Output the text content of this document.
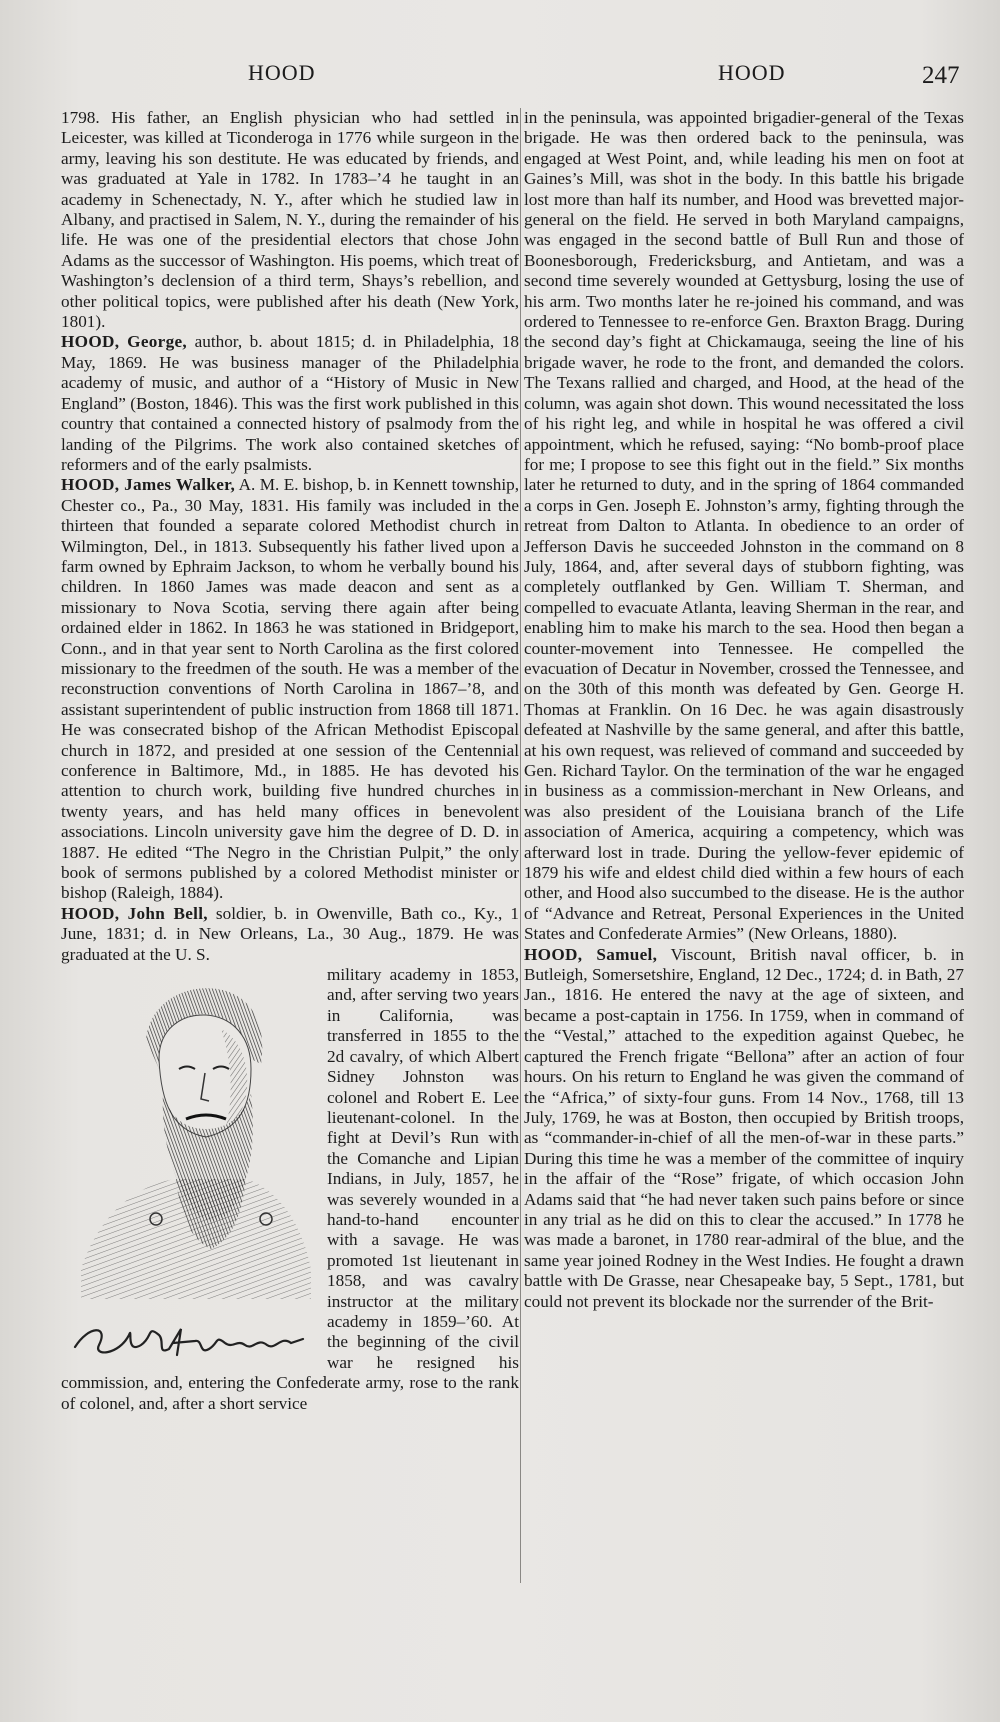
HOOD	HOOD	247

1798. His father, an English physician who had settled in Leicester, was killed at Ticonderoga in 1776 while surgeon in the army, leaving his son destitute. He was educated by friends, and was graduated at Yale in 1782. In 1783–’4 he taught in an academy in Schenectady, N. Y., after which he studied law in Albany, and practised in Salem, N. Y., during the remainder of his life. He was one of the presidential electors that chose John Adams as the successor of Washington. His poems, which treat of Washington’s declension of a third term, Shays’s rebellion, and other political topics, were published after his death (New York, 1801).

HOOD, George, author, b. about 1815; d. in Philadelphia, 18 May, 1869. He was business manager of the Philadelphia academy of music, and author of a “History of Music in New England” (Boston, 1846). This was the first work published in this country that contained a connected history of psalmody from the landing of the Pilgrims. The work also contained sketches of reformers and of the early psalmists.

HOOD, James Walker, A. M. E. bishop, b. in Kennett township, Chester co., Pa., 30 May, 1831. His family was included in the thirteen that founded a separate colored Methodist church in Wilmington, Del., in 1813. Subsequently his father lived upon a farm owned by Ephraim Jackson, to whom he verbally bound his children. In 1860 James was made deacon and sent as a missionary to Nova Scotia, serving there again after being ordained elder in 1862. In 1863 he was stationed in Bridgeport, Conn., and in that year sent to North Carolina as the first colored missionary to the freedmen of the south. He was a member of the reconstruction conventions of North Carolina in 1867–’8, and assistant superintendent of public instruction from 1868 till 1871. He was consecrated bishop of the African Methodist Episcopal church in 1872, and presided at one session of the Centennial conference in Baltimore, Md., in 1885. He has devoted his attention to church work, building five hundred churches in twenty years, and has held many offices in benevolent associations. Lincoln university gave him the degree of D. D. in 1887. He edited “The Negro in the Christian Pulpit,” the only book of sermons published by a colored Methodist minister or bishop (Raleigh, 1884).

HOOD, John Bell, soldier, b. in Owenville, Bath co., Ky., 1 June, 1831; d. in New Orleans, La., 30 Aug., 1879. He was graduated at the U. S.

military academy in 1853, and, after serving two years in California, was transferred in 1855 to the 2d cavalry, of which Albert Sidney Johnston was colonel and Robert E. Lee lieutenant-colonel. In the fight at Devil’s Run with the Comanche and Lipian Indians, in July, 1857, he was severely wounded in a hand-to-hand encounter with a savage. He was promoted 1st lieutenant in 1858, and was cavalry instructor at the military academy in 1859–’60. At the beginning of the civil war he resigned his commission, and, entering the Confederate army, rose to the rank of colonel, and, after a short service

in the peninsula, was appointed brigadier-general of the Texas brigade. He was then ordered back to the peninsula, was engaged at West Point, and, while leading his men on foot at Gaines’s Mill, was shot in the body. In this battle his brigade lost more than half its number, and Hood was brevetted major-general on the field. He served in both Maryland campaigns, was engaged in the second battle of Bull Run and those of Boonesborough, Fredericksburg, and Antietam, and was a second time severely wounded at Gettysburg, losing the use of his arm. Two months later he re-joined his command, and was ordered to Tennessee to re-enforce Gen. Braxton Bragg. During the second day’s fight at Chickamauga, seeing the line of his brigade waver, he rode to the front, and demanded the colors. The Texans rallied and charged, and Hood, at the head of the column, was again shot down. This wound necessitated the loss of his right leg, and while in hospital he was offered a civil appointment, which he refused, saying: “No bomb-proof place for me; I propose to see this fight out in the field.” Six months later he returned to duty, and in the spring of 1864 commanded a corps in Gen. Joseph E. Johnston’s army, fighting through the retreat from Dalton to Atlanta. In obedience to an order of Jefferson Davis he succeeded Johnston in the command on 8 July, 1864, and, after several days of stubborn fighting, was completely outflanked by Gen. William T. Sherman, and compelled to evacuate Atlanta, leaving Sherman in the rear, and enabling him to make his march to the sea. Hood then began a counter-movement into Tennessee. He compelled the evacuation of Decatur in November, crossed the Tennessee, and on the 30th of this month was defeated by Gen. George H. Thomas at Franklin. On 16 Dec. he was again disastrously defeated at Nashville by the same general, and after this battle, at his own request, was relieved of command and succeeded by Gen. Richard Taylor. On the termination of the war he engaged in business as a commission-merchant in New Orleans, and was also president of the Louisiana branch of the Life association of America, acquiring a competency, which was afterward lost in trade. During the yellow-fever epidemic of 1879 his wife and eldest child died within a few hours of each other, and Hood also succumbed to the disease. He is the author of “Advance and Retreat, Personal Experiences in the United States and Confederate Armies” (New Orleans, 1880).

HOOD, Samuel, Viscount, British naval officer, b. in Butleigh, Somersetshire, England, 12 Dec., 1724; d. in Bath, 27 Jan., 1816. He entered the navy at the age of sixteen, and became a post-captain in 1756. In 1759, when in command of the “Vestal,” attached to the expedition against Quebec, he captured the French frigate “Bellona” after an action of four hours. On his return to England he was given the command of the “Africa,” of sixty-four guns. From 14 Nov., 1768, till 13 July, 1769, he was at Boston, then occupied by British troops, as “commander-in-chief of all the men-of-war in these parts.” During this time he was a member of the committee of inquiry in the affair of the “Rose” frigate, of which occasion John Adams said that “he had never taken such pains before or since in any trial as he did on this to clear the accused.” In 1778 he was made a baronet, in 1780 rear-admiral of the blue, and the same year joined Rodney in the West Indies. He fought a drawn battle with De Grasse, near Chesapeake bay, 5 Sept., 1781, but could not prevent its blockade nor the surrender of the Brit-
